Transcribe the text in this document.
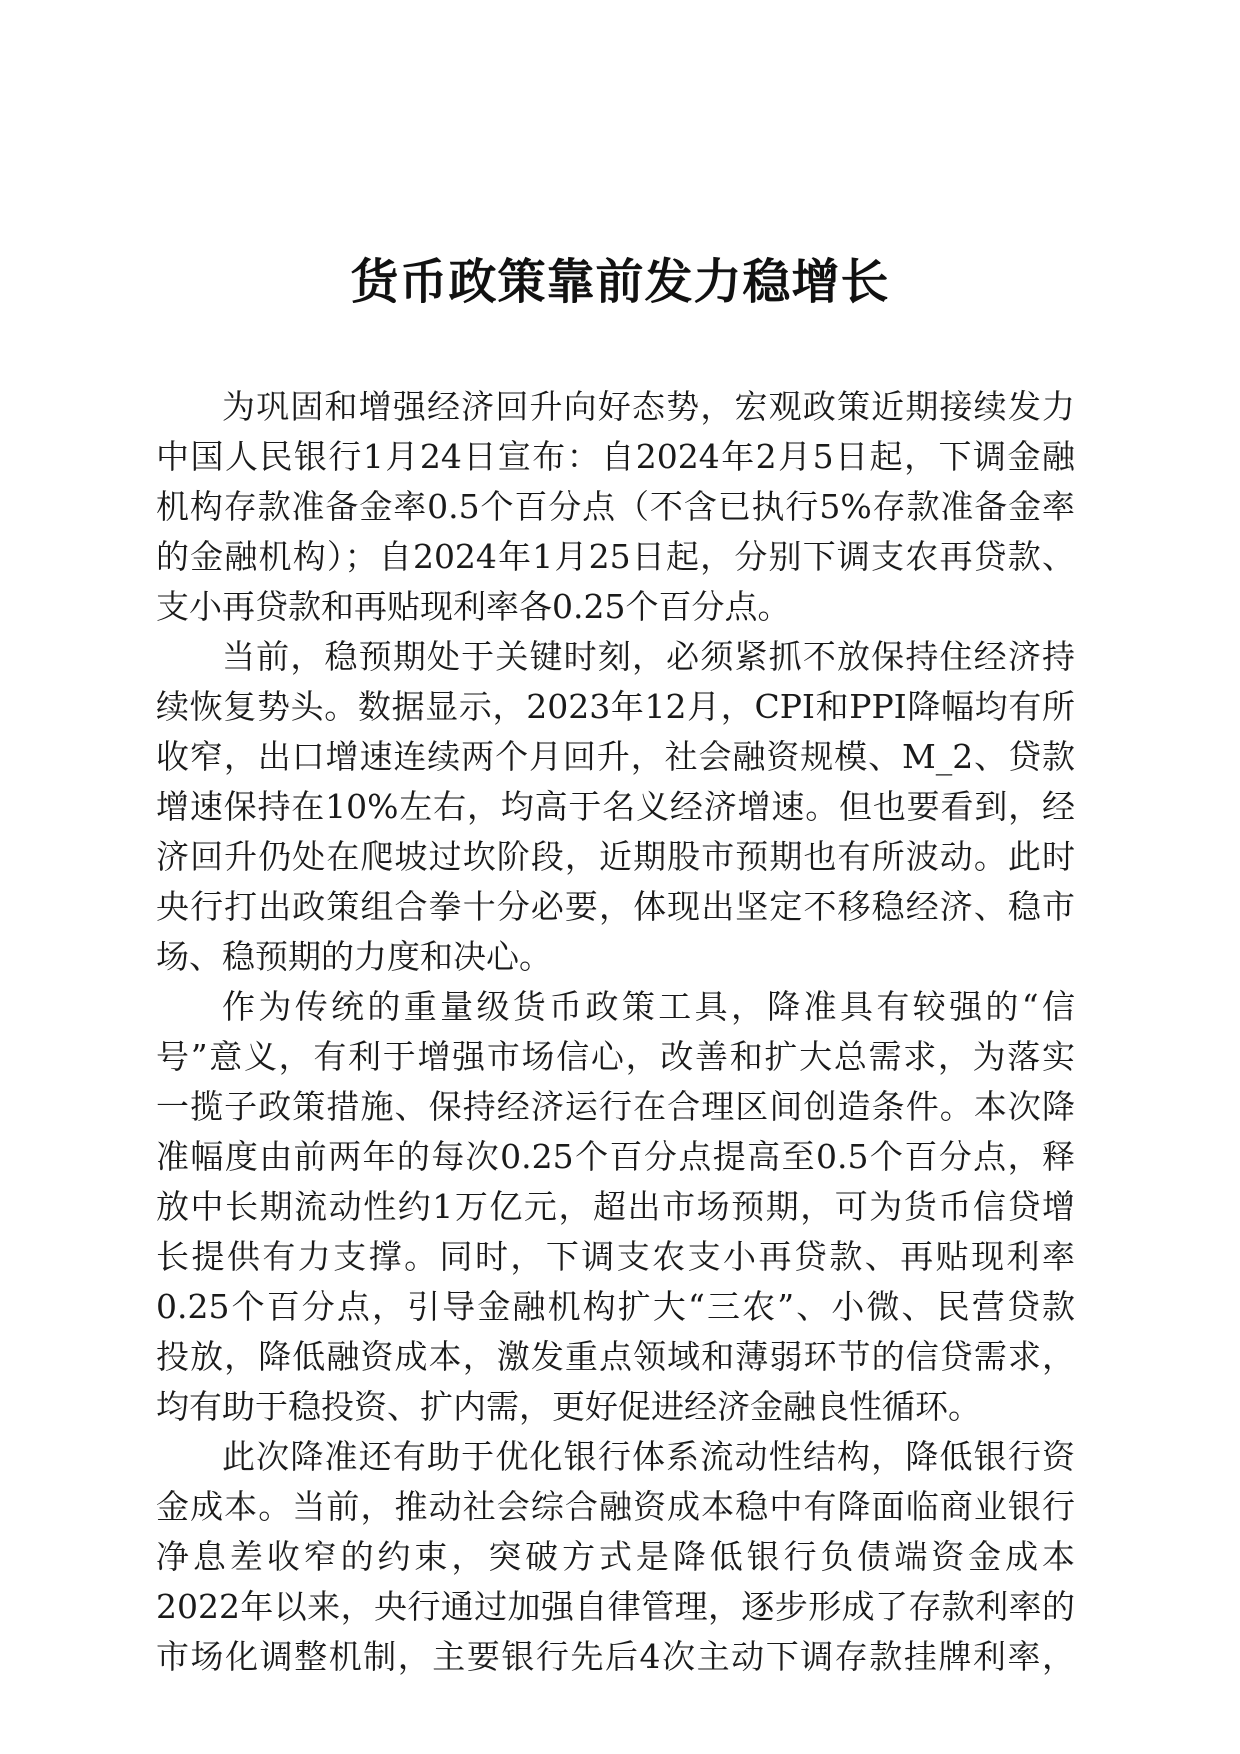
货币政策靠前发力稳增长
为巩固和增强经济回升向好态势，宏观政策近期接续发力
中国人民银行1月24日宣布：自2024年2月5日起，下调金融
机构存款准备金率0.5个百分点（不含已执行5%存款准备金率
的金融机构）；自2024年1月25日起，分别下调支农再贷款、
支小再贷款和再贴现利率各0.25个百分点。
当前，稳预期处于关键时刻，必须紧抓不放保持住经济持
续恢复势头。数据显示，2023年12月，CPI和PPI降幅均有所
收窄，出口增速连续两个月回升，社会融资规模、M_2、贷款
增速保持在10%左右，均高于名义经济增速。但也要看到，经
济回升仍处在爬坡过坎阶段，近期股市预期也有所波动。此时
央行打出政策组合拳十分必要，体现出坚定不移稳经济、稳市
场、稳预期的力度和决心。
作为传统的重量级货币政策工具，降准具有较强的“信
号”意义，有利于增强市场信心，改善和扩大总需求，为落实
一揽子政策措施、保持经济运行在合理区间创造条件。本次降
准幅度由前两年的每次0.25个百分点提高至0.5个百分点，释
放中长期流动性约1万亿元，超出市场预期，可为货币信贷增
长提供有力支撑。同时，下调支农支小再贷款、再贴现利率
0.25个百分点，引导金融机构扩大“三农”、小微、民营贷款
投放，降低融资成本，激发重点领域和薄弱环节的信贷需求，
均有助于稳投资、扩内需，更好促进经济金融良性循环。
此次降准还有助于优化银行体系流动性结构，降低银行资
金成本。当前，推动社会综合融资成本稳中有降面临商业银行
净息差收窄的约束，突破方式是降低银行负债端资金成本
2022年以来，央行通过加强自律管理，逐步形成了存款利率的
市场化调整机制，主要银行先后4次主动下调存款挂牌利率，
